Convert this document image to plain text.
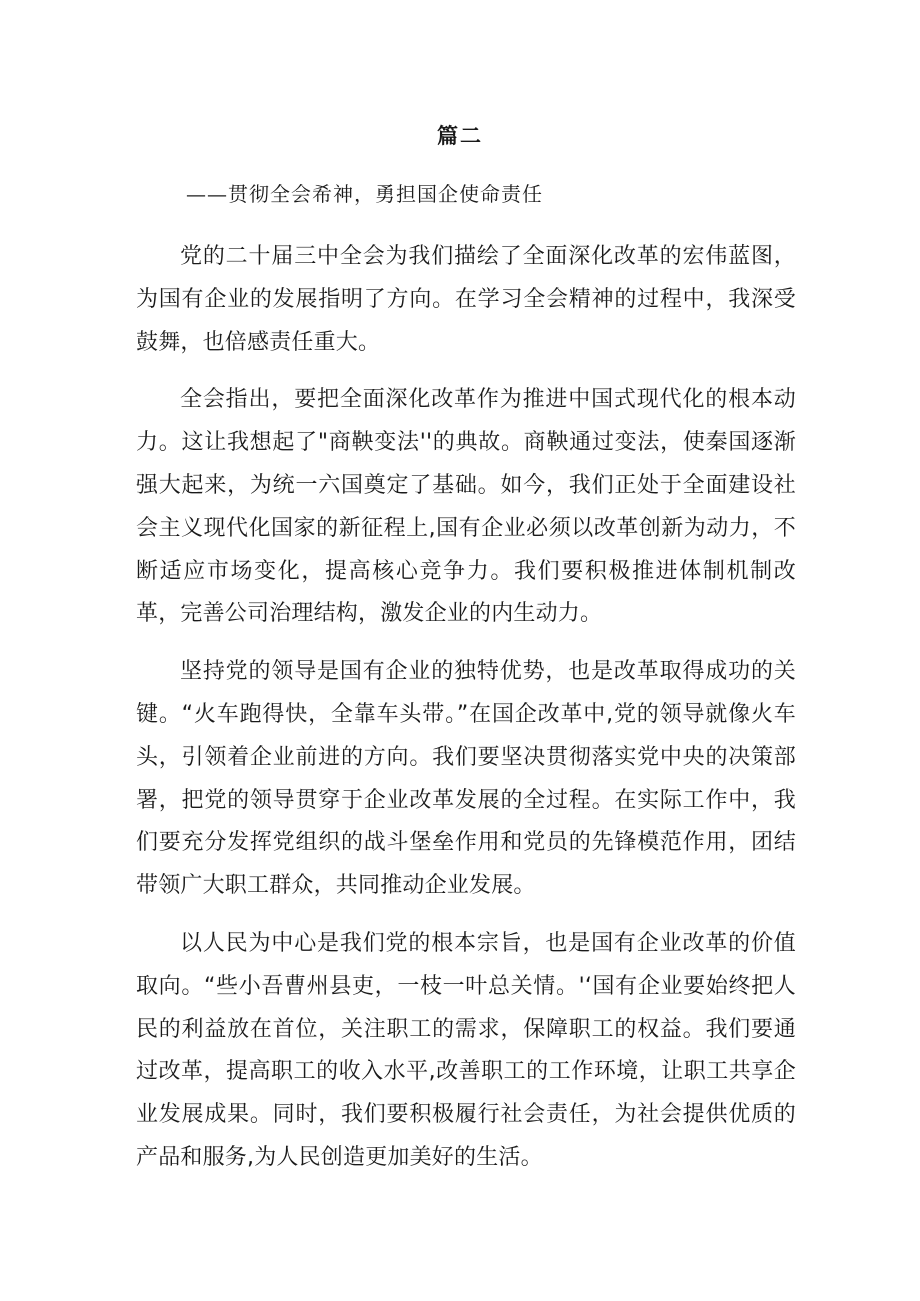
篇二
——贯彻全会希神，勇担国企使命责任

党的二十届三中全会为我们描绘了全面深化改革的宏伟蓝图，为国有企业的发展指明了方向。在学习全会精神的过程中，我深受鼓舞，也倍感责任重大。

全会指出，要把全面深化改革作为推进中国式现代化的根本动力。这让我想起了"商鞅变法''的典故。商鞅通过变法，使秦国逐渐强大起来，为统一六国奠定了基础。如今，我们正处于全面建设社会主义现代化国家的新征程上,国有企业必须以改革创新为动力，不断适应市场变化，提高核心竞争力。我们要积极推进体制机制改革，完善公司治理结构，激发企业的内生动力。

坚持党的领导是国有企业的独特优势，也是改革取得成功的关键。“火车跑得快，全靠车头带。”在国企改革中,党的领导就像火车头，引领着企业前进的方向。我们要坚决贯彻落实党中央的决策部署，把党的领导贯穿于企业改革发展的全过程。在实际工作中，我们要充分发挥党组织的战斗堡垒作用和党员的先锋模范作用，团结带领广大职工群众，共同推动企业发展。

以人民为中心是我们党的根本宗旨，也是国有企业改革的价值取向。“些小吾曹州县吏，一枝一叶总关情。'‘国有企业要始终把人民的利益放在首位，关注职工的需求，保障职工的权益。我们要通过改革，提高职工的收入水平,改善职工的工作环境，让职工共享企业发展成果。同时，我们要积极履行社会责任，为社会提供优质的产品和服务,为人民创造更加美好的生活。
